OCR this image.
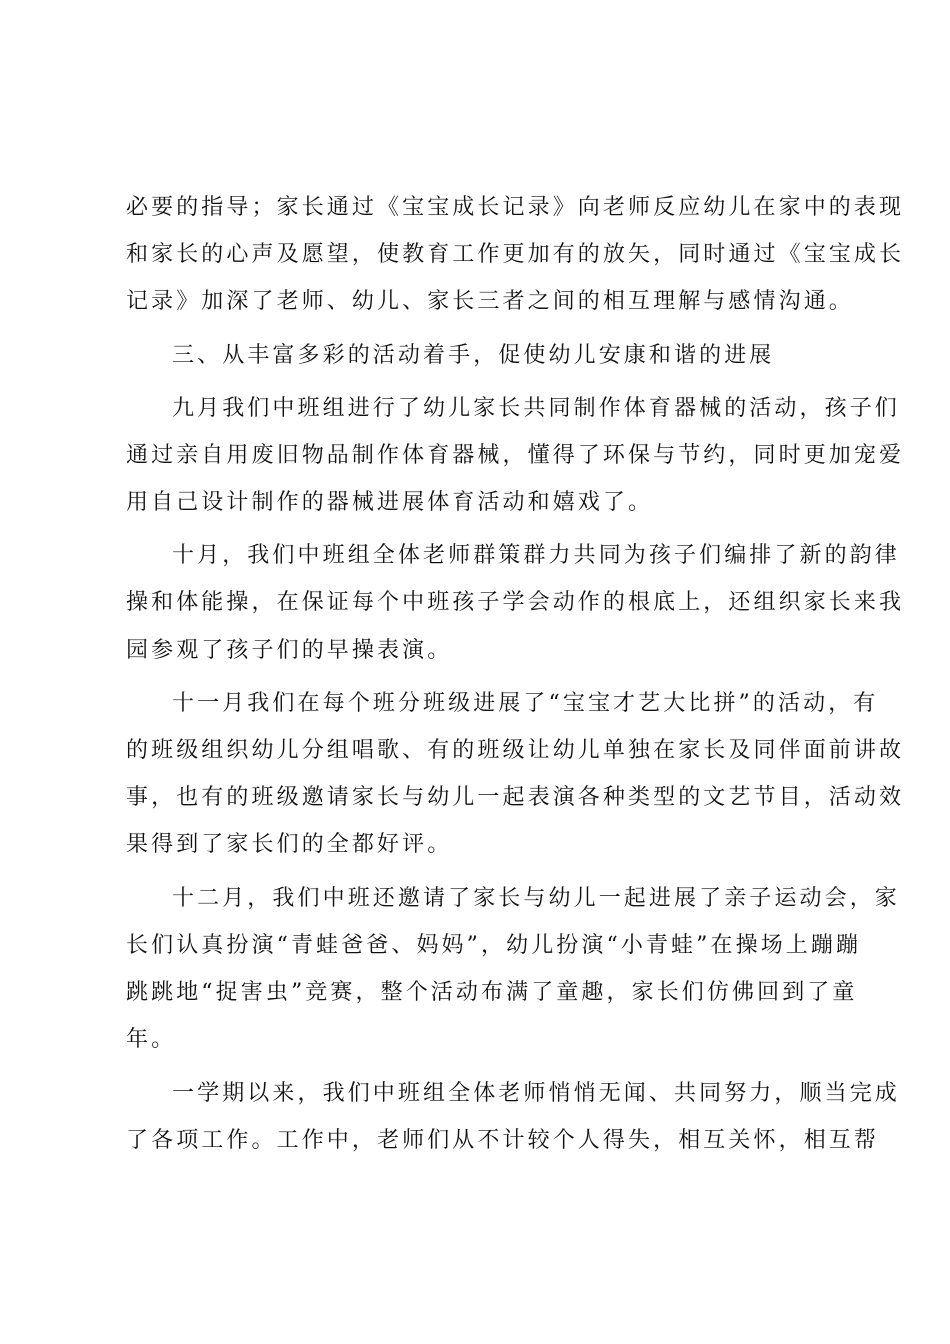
必要的指导；家长通过《宝宝成长记录》向老师反应幼儿在家中的表现
和家长的心声及愿望，使教育工作更加有的放矢，同时通过《宝宝成长
记录》加深了老师、幼儿、家长三者之间的相互理解与感情沟通。
三、从丰富多彩的活动着手，促使幼儿安康和谐的进展
九月我们中班组进行了幼儿家长共同制作体育器械的活动，孩子们
通过亲自用废旧物品制作体育器械，懂得了环保与节约，同时更加宠爱
用自己设计制作的器械进展体育活动和嬉戏了。
十月，我们中班组全体老师群策群力共同为孩子们编排了新的韵律
操和体能操，在保证每个中班孩子学会动作的根底上，还组织家长来我
园参观了孩子们的早操表演。
十一月我们在每个班分班级进展了“宝宝才艺大比拼”的活动，有
的班级组织幼儿分组唱歌、有的班级让幼儿单独在家长及同伴面前讲故
事，也有的班级邀请家长与幼儿一起表演各种类型的文艺节目，活动效
果得到了家长们的全都好评。
十二月，我们中班还邀请了家长与幼儿一起进展了亲子运动会，家
长们认真扮演“青蛙爸爸、妈妈”，幼儿扮演“小青蛙”在操场上蹦蹦
跳跳地“捉害虫”竞赛，整个活动布满了童趣，家长们仿佛回到了童
年。
一学期以来，我们中班组全体老师悄悄无闻、共同努力，顺当完成
了各项工作。工作中，老师们从不计较个人得失，相互关怀，相互帮
